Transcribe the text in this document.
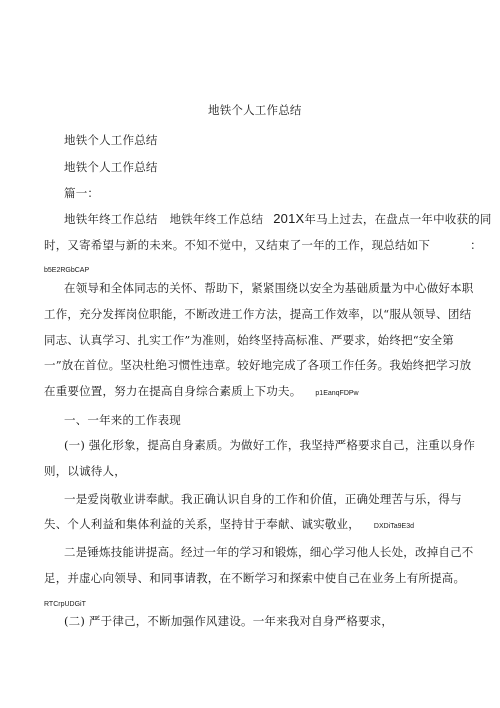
地铁个人工作总结
地铁个人工作总结
地铁个人工作总结
篇一：
地铁年终工作总结 地铁年终工作总结 201X年马上过去，在盘点一年中收获的同
时，又寄希望与新的未来。不知不觉中，又结束了一年的工作，现总结如下	：
b5E2RGbCAP
在领导和全体同志的关怀、帮助下，紧紧围绕以安全为基础质量为中心做好本职
工作，充分发挥岗位职能，不断改进工作方法，提高工作效率，以“服从领导、团结
同志、认真学习、扎实工作”为准则，始终坚持高标准、严要求，始终把“安全第
一”放在首位。坚决杜绝习惯性违章。较好地完成了各项工作任务。我始终把学习放
在重要位置，努力在提高自身综合素质上下功夫。 p1EanqFDPw
一、一年来的工作表现
(一) 强化形象，提高自身素质。为做好工作，我坚持严格要求自己，注重以身作
则，以诚待人，
一是爱岗敬业讲奉献。我正确认识自身的工作和价值，正确处理苦与乐，得与
失、个人利益和集体利益的关系，坚持甘于奉献、诚实敬业， DXDiTa9E3d
二是锤炼技能讲提高。经过一年的学习和锻炼，细心学习他人长处，改掉自己不
足，并虚心向领导、和同事请教，在不断学习和探索中使自己在业务上有所提高。
RTCrpUDGiT
(二) 严于律己，不断加强作风建设。一年来我对自身严格要求，
